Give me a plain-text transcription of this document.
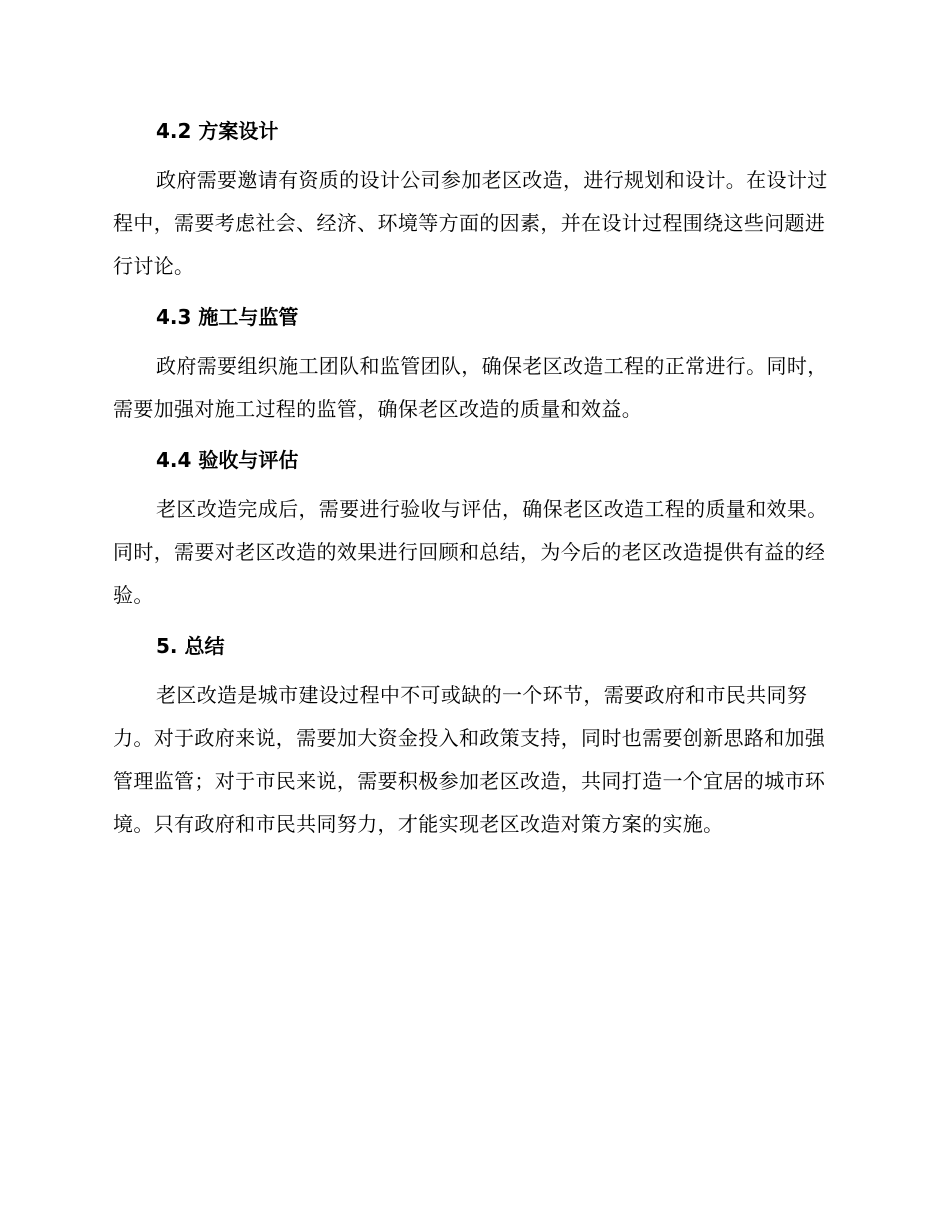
4.2 方案设计

政府需要邀请有资质的设计公司参加老区改造，进行规划和设计。在设计过程中，需要考虑社会、经济、环境等方面的因素，并在设计过程围绕这些问题进行讨论。

4.3 施工与监管

政府需要组织施工团队和监管团队，确保老区改造工程的正常进行。同时，需要加强对施工过程的监管，确保老区改造的质量和效益。

4.4 验收与评估

老区改造完成后，需要进行验收与评估，确保老区改造工程的质量和效果。同时，需要对老区改造的效果进行回顾和总结，为今后的老区改造提供有益的经验。

5. 总结

老区改造是城市建设过程中不可或缺的一个环节，需要政府和市民共同努力。对于政府来说，需要加大资金投入和政策支持，同时也需要创新思路和加强管理监管；对于市民来说，需要积极参加老区改造，共同打造一个宜居的城市环境。只有政府和市民共同努力，才能实现老区改造对策方案的实施。
